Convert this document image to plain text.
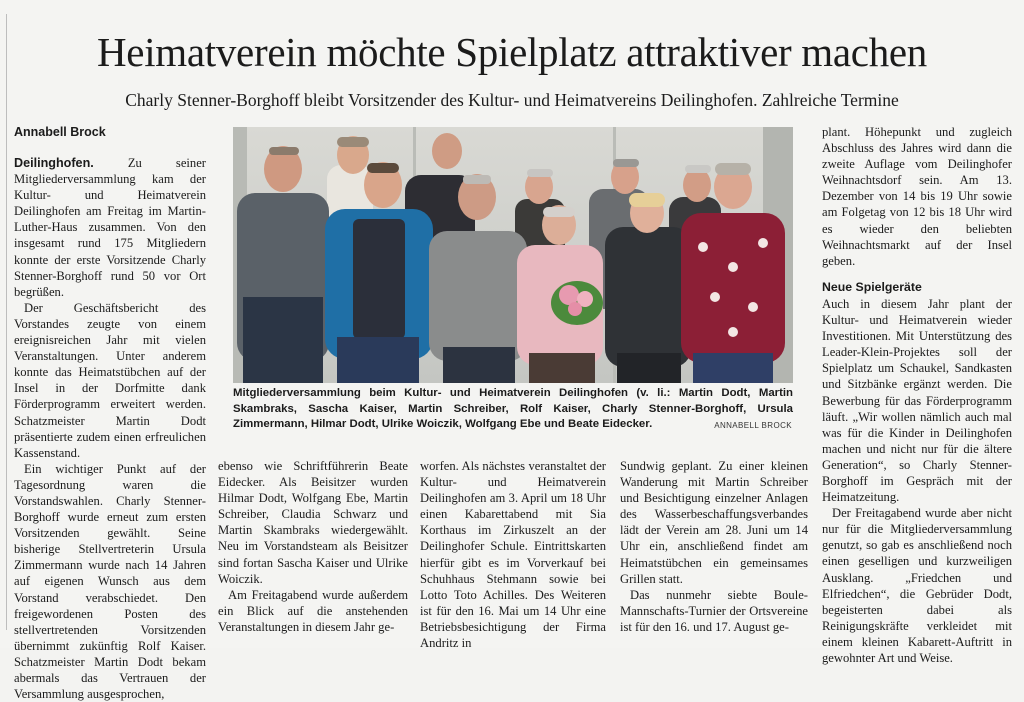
Heimatverein möchte Spielplatz attraktiver machen
Charly Stenner-Borghoff bleibt Vorsitzender des Kultur- und Heimatvereins Deilinghofen. Zahlreiche Termine
Annabell Brock

Deilinghofen. Zu seiner Mitgliederversammlung kam der Kultur- und Heimatverein Deilinghofen am Freitag im Martin-Luther-Haus zusammen. Von den insgesamt rund 175 Mitgliedern konnte der erste Vorsitzende Charly Stenner-Borghoff rund 50 vor Ort begrüßen.

Der Geschäftsbericht des Vorstandes zeugte von einem ereignisreichen Jahr mit vielen Veranstaltungen. Unter anderem konnte das Heimatstübchen auf der Insel in der Dorfmitte dank Förderprogramm erweitert werden. Schatzmeister Martin Dodt präsentierte zudem einen erfreulichen Kassenstand.

Ein wichtiger Punkt auf der Tagesordnung waren die Vorstandswahlen. Charly Stenner-Borghoff wurde erneut zum ersten Vorsitzenden gewählt. Seine bisherige Stellvertreterin Ursula Zimmermann wurde nach 14 Jahren auf eigenen Wunsch aus dem Vorstand verabschiedet. Den freigewordenen Posten des stellvertretenden Vorsitzenden übernimmt zukünftig Rolf Kaiser. Schatzmeister Martin Dodt bekam abermals das Vertrauen der Versammlung ausgesprochen,

Mitgliederversammlung beim Kultur- und Heimatverein Deilinghofen (v. li.: Martin Dodt, Martin Skambraks, Sascha Kaiser, Martin Schreiber, Rolf Kaiser, Charly Stenner-Borghoff, Ursula Zimmermann, Hilmar Dodt, Ulrike Woiczik, Wolfgang Ebe und Beate Eidecker.	ANNABELL BROCK

ebenso wie Schriftführerin Beate Eidecker. Als Beisitzer wurden Hilmar Dodt, Wolfgang Ebe, Martin Schreiber, Claudia Schwarz und Martin Skambraks wiedergewählt. Neu im Vorstandsteam als Beisitzer sind fortan Sascha Kaiser und Ulrike Woiczik.

Am Freitagabend wurde außerdem ein Blick auf die anstehenden Veranstaltungen in diesem Jahr ge-

worfen. Als nächstes veranstaltet der Kultur- und Heimatverein Deilinghofen am 3. April um 18 Uhr einen Kabarettabend mit Sia Korthaus im Zirkuszelt an der Deilinghofer Schule. Eintrittskarten hierfür gibt es im Vorverkauf bei Schuhhaus Stehmann sowie bei Lotto Toto Achilles. Des Weiteren ist für den 16. Mai um 14 Uhr eine Betriebsbesichtigung der Firma Andritz in

Sundwig geplant. Zu einer kleinen Wanderung mit Martin Schreiber und Besichtigung einzelner Anlagen des Wasserbeschaffungsverbandes lädt der Verein am 28. Juni um 14 Uhr ein, anschließend findet am Heimatstübchen ein gemeinsames Grillen statt.

Das nunmehr siebte Boule-Mannschafts-Turnier der Ortsvereine ist für den 16. und 17. August ge-

plant. Höhepunkt und zugleich Abschluss des Jahres wird dann die zweite Auflage vom Deilinghofer Weihnachtsdorf sein. Am 13. Dezember von 14 bis 19 Uhr sowie am Folgetag von 12 bis 18 Uhr wird es wieder den beliebten Weihnachtsmarkt auf der Insel geben.

Neue Spielgeräte

Auch in diesem Jahr plant der Kultur- und Heimatverein wieder Investitionen. Mit Unterstützung des Leader-Klein-Projektes soll der Spielplatz um Schaukel, Sandkasten und Sitzbänke ergänzt werden. Die Bewerbung für das Förderprogramm läuft. „Wir wollen nämlich auch mal was für die Kinder in Deilinghofen machen und nicht nur für die ältere Generation“, so Charly Stenner-Borghoff im Gespräch mit der Heimatzeitung.

Der Freitagabend wurde aber nicht nur für die Mitgliederversammlung genutzt, so gab es anschließend noch einen geselligen und kurzweiligen Ausklang. „Friedchen und Elfriedchen“, die Gebrüder Dodt, begeisterten dabei als Reinigungskräfte verkleidet mit einem kleinen Kabarett-Auftritt in gewohnter Art und Weise.
